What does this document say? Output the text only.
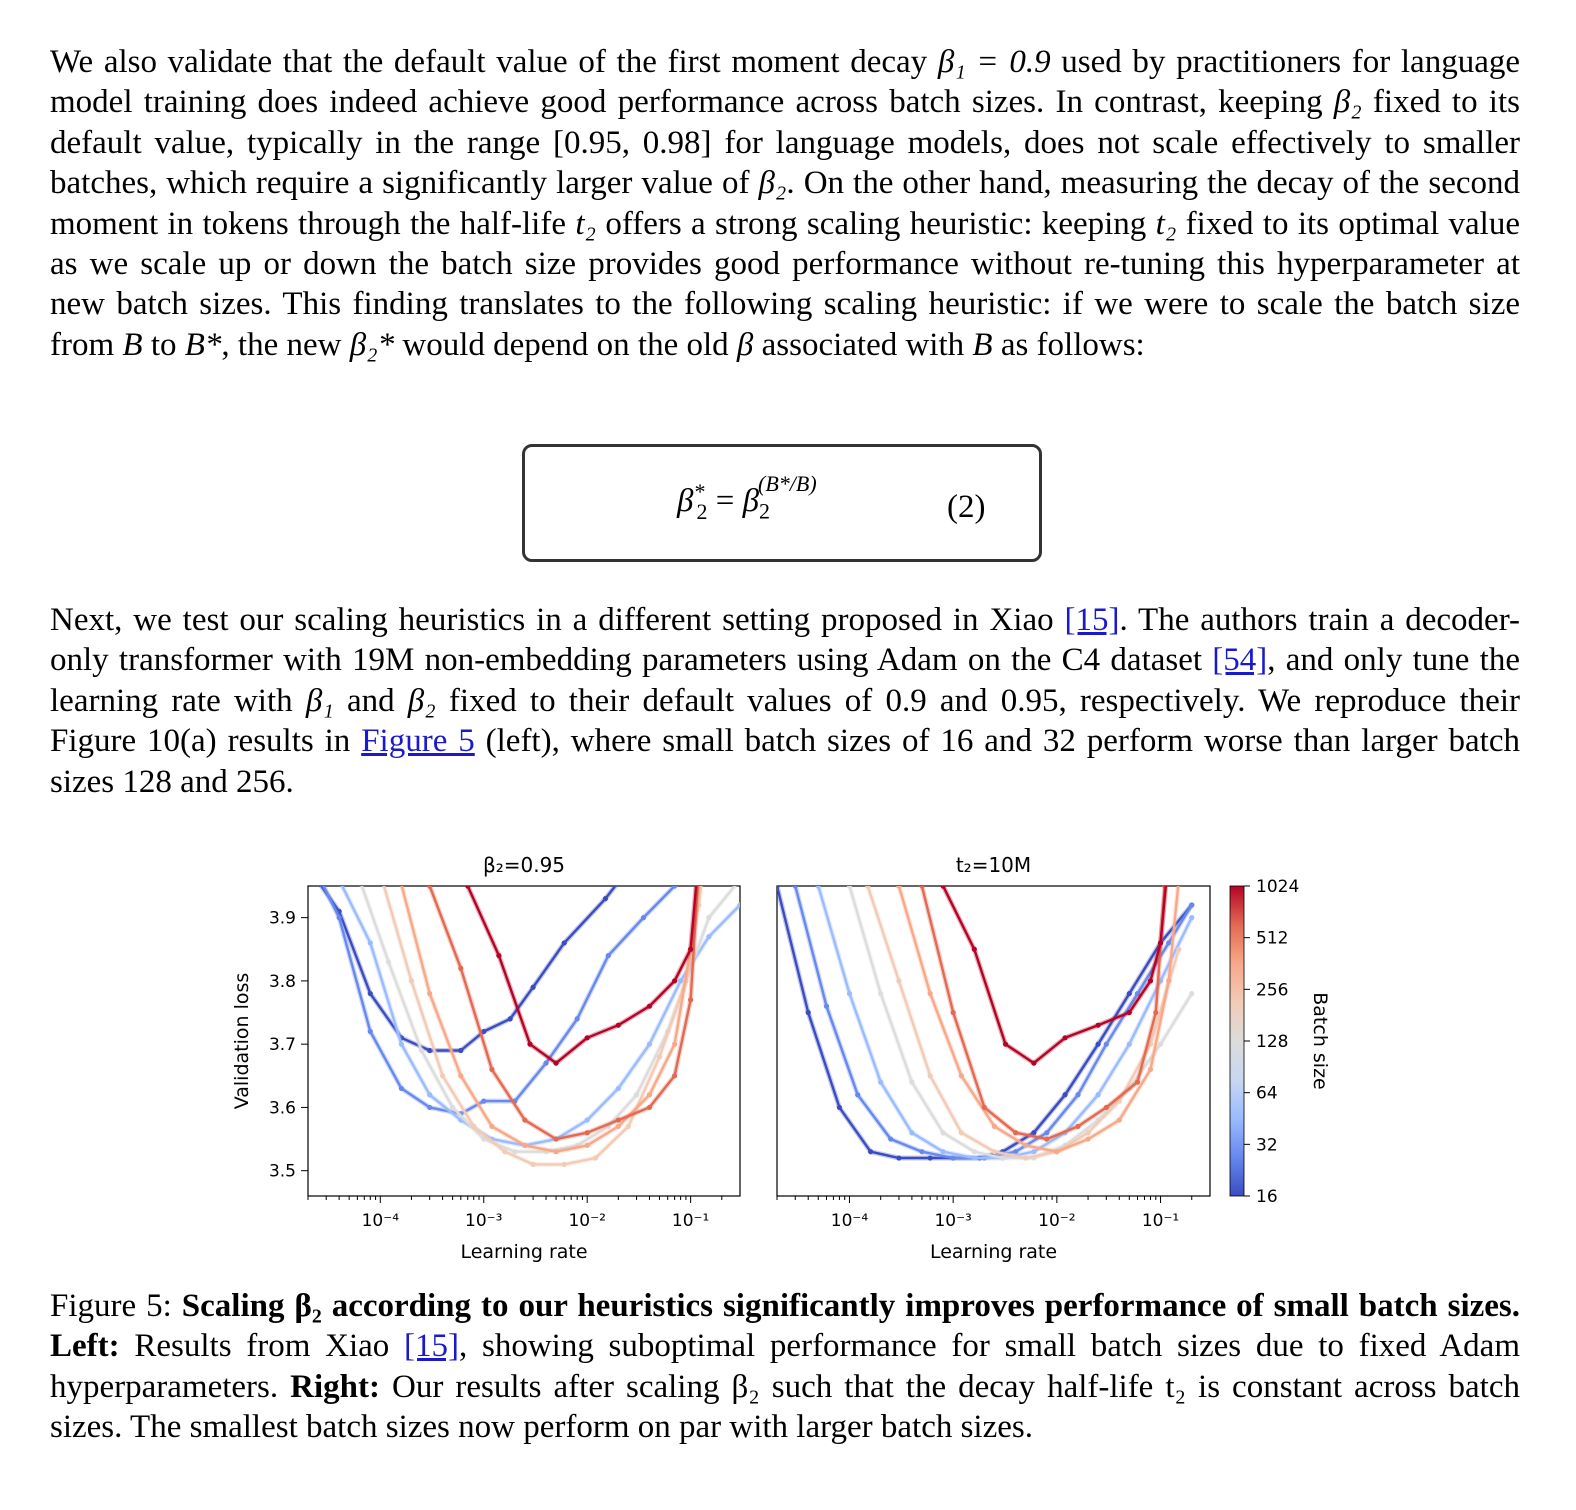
We also validate that the default value of the first moment decay β₁ = 0.9 used by practitioners for language model training does indeed achieve good performance across batch sizes. In contrast, keeping β₂ fixed to its default value, typically in the range [0.95, 0.98] for language models, does not scale effectively to smaller batches, which require a significantly larger value of β₂. On the other hand, measuring the decay of the second moment in tokens through the half-life t₂ offers a strong scaling heuristic: keeping t₂ fixed to its optimal value as we scale up or down the batch size provides good performance without re-tuning this hyperparameter at new batch sizes. This finding translates to the following scaling heuristic: if we were to scale the batch size from B to B*, the new β₂* would depend on the old β associated with B as follows:

$\beta^*_2 = \beta_2^{(B*/B)}$
(2)

Next, we test our scaling heuristics in a different setting proposed in Xiao [15]. The authors train a decoder-only transformer with 19M non-embedding parameters using Adam on the C4 dataset [54], and only tune the learning rate with β₁ and β₂ fixed to their default values of 0.9 and 0.95, respectively. We reproduce their Figure 10(a) results in Figure 5 (left), where small batch sizes of 16 and 32 perform worse than larger batch sizes 128 and 256.

β₂=0.95
10⁻⁴	10⁻³	10⁻²	10⁻¹
Learning rate
3.5
3.6
3.7
3.8
3.9
Validation loss
t₂=10M
10⁻⁴	10⁻³	10⁻²	10⁻¹
Learning rate
1024
512
256
128
64
32
16
Batch size

Figure 5: Scaling β₂ according to our heuristics significantly improves performance of small batch sizes. Left: Results from Xiao [15], showing suboptimal performance for small batch sizes due to fixed Adam hyperparameters. Right: Our results after scaling β₂ such that the decay half-life t₂ is constant across batch sizes. The smallest batch sizes now perform on par with larger batch sizes.
